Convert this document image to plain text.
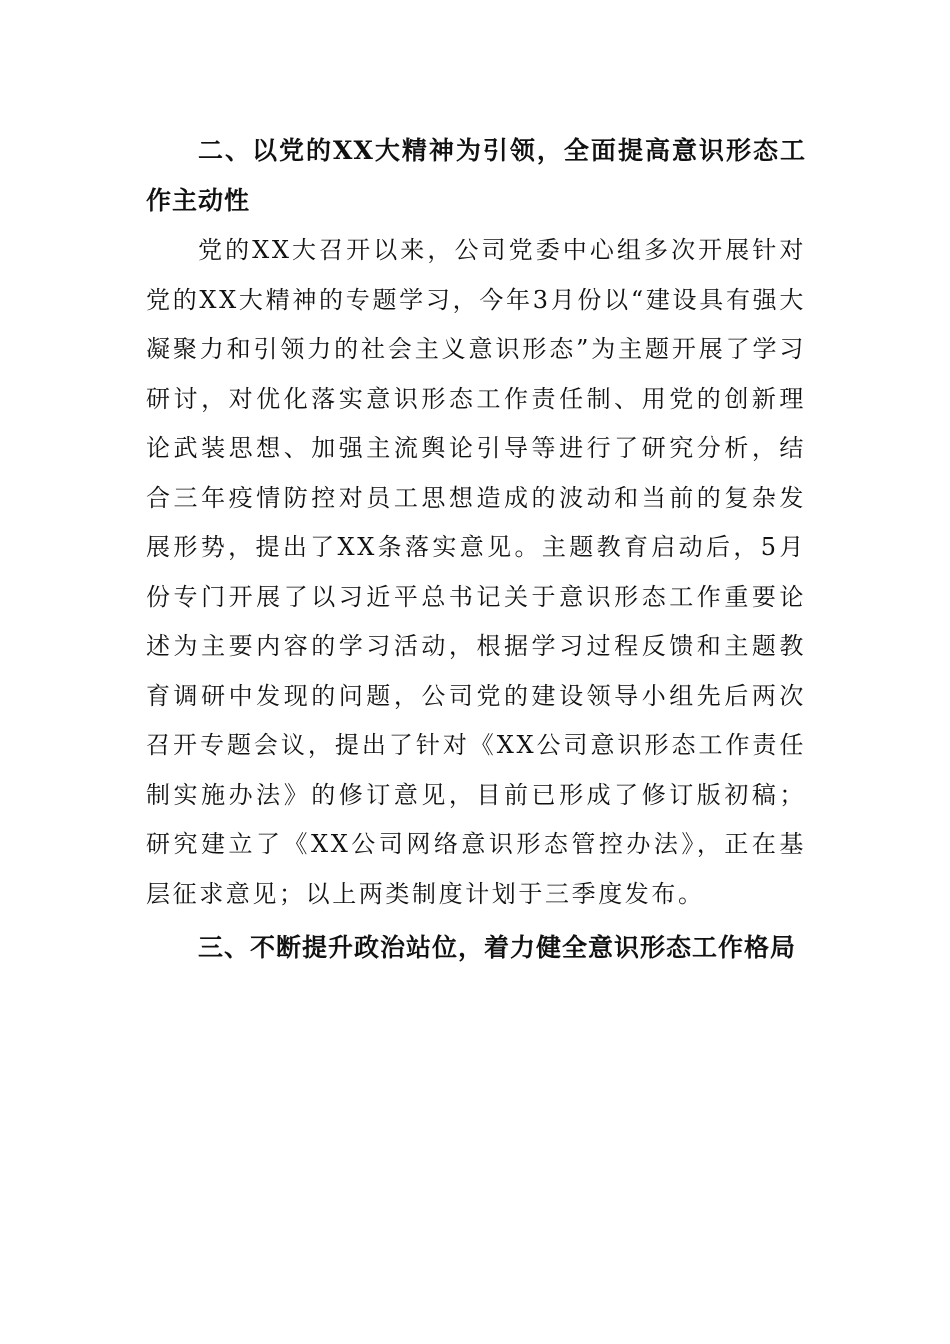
二、以党的XX大精神为引领，全面提高意识形态工作主动性

党的XX大召开以来，公司党委中心组多次开展针对党的XX大精神的专题学习，今年3月份以“建设具有强大凝聚力和引领力的社会主义意识形态”为主题开展了学习研讨，对优化落实意识形态工作责任制、用党的创新理论武装思想、加强主流舆论引导等进行了研究分析，结合三年疫情防控对员工思想造成的波动和当前的复杂发展形势，提出了XX条落实意见。主题教育启动后，5月份专门开展了以习近平总书记关于意识形态工作重要论述为主要内容的学习活动，根据学习过程反馈和主题教育调研中发现的问题，公司党的建设领导小组先后两次召开专题会议，提出了针对《XX公司意识形态工作责任制实施办法》的修订意见，目前已形成了修订版初稿；研究建立了《XX公司网络意识形态管控办法》，正在基层征求意见；以上两类制度计划于三季度发布。

三、不断提升政治站位，着力健全意识形态工作格局
